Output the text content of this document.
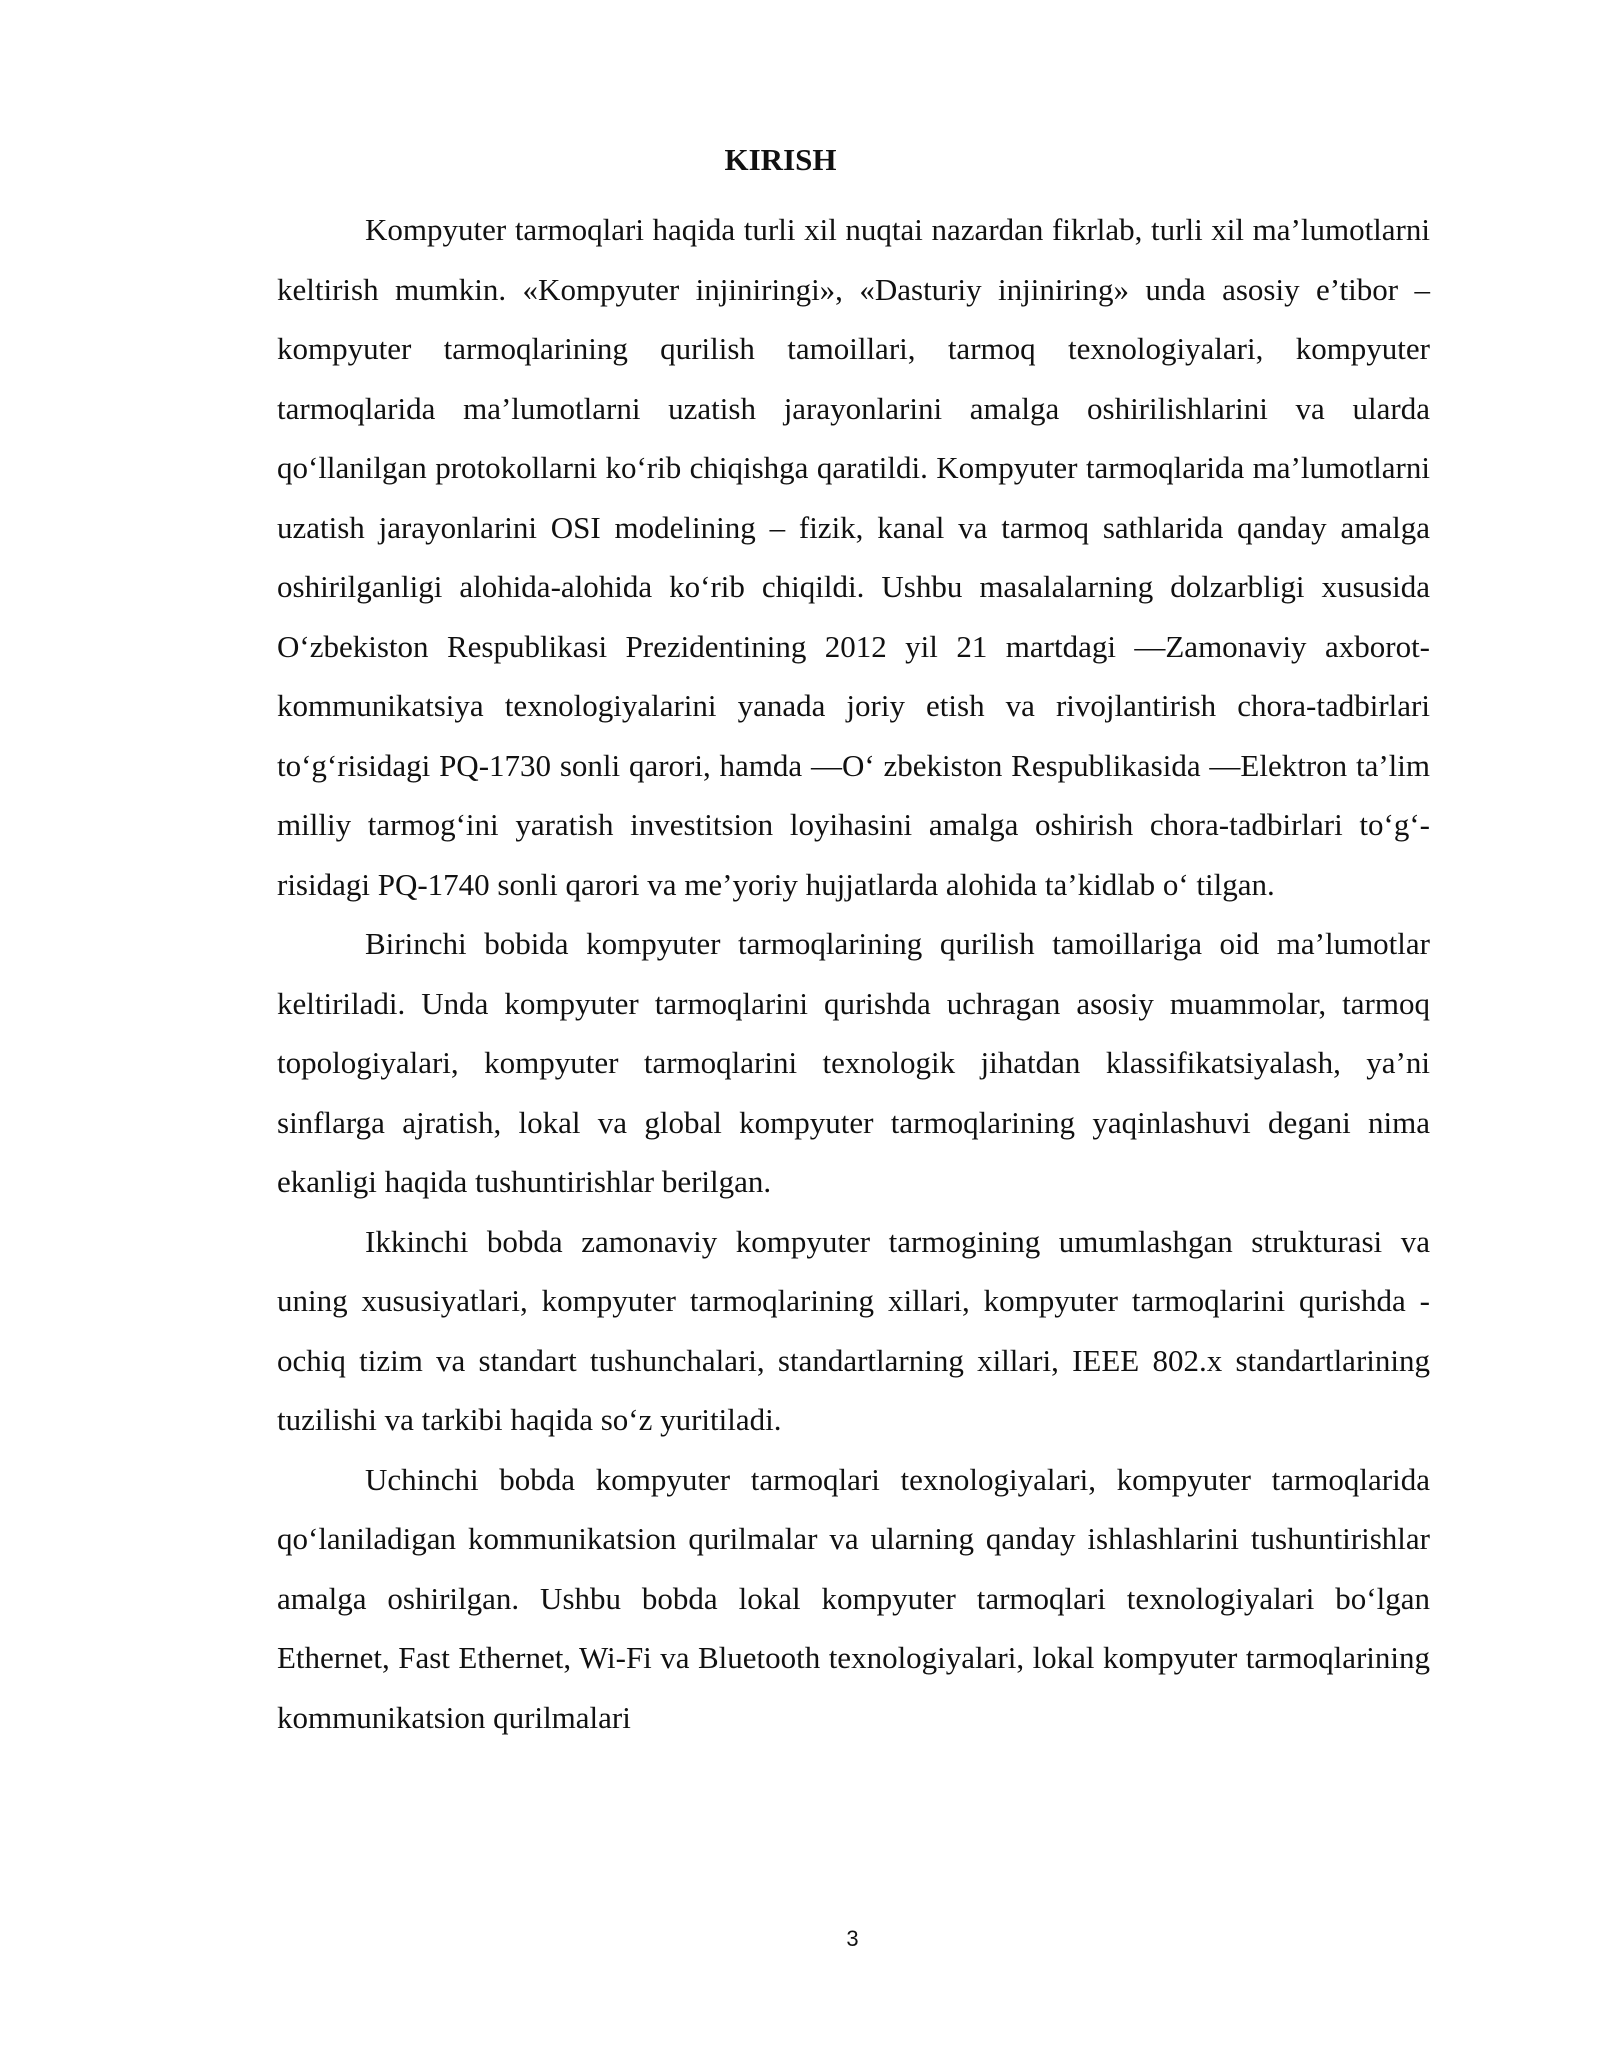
KIRISH

Kompyuter tarmoqlari haqida turli xil nuqtai nazardan fikrlab, turli xil ma’lumotlarni keltirish mumkin. «Kompyuter injiniringi», «Dasturiy injiniring» unda asosiy e’tibor – kompyuter tarmoqlarining qurilish tamoillari, tarmoq texnologiyalari, kompyuter tarmoqlarida ma’lumotlarni uzatish jarayonlarini amalga oshirilishlarini va ularda qo‘llanilgan protokollarni ko‘rib chiqishga qaratildi. Kompyuter tarmoqlarida ma’lumotlarni uzatish jarayonlarini OSI modelining – fizik, kanal va tarmoq sathlarida qanday amalga oshirilganligi alohida-alohida ko‘rib chiqildi. Ushbu masalalarning dolzarbligi xususida O‘zbekiston Respublikasi Prezidentining 2012 yil 21 martdagi ―Zamonaviy axborot-kommunikatsiya texnologiyalarini yanada joriy etish va rivojlantirish chora-tadbirlari to‘g‘risidagi PQ-1730 sonli qarori, hamda ―O‘ zbekiston Respublikasida ―Elektron ta’lim milliy tarmog‘ini yaratish investitsion loyihasini amalga oshirish chora-tadbirlari to‘g‘- risidagi PQ-1740 sonli qarori va me’yoriy hujjatlarda alohida ta’kidlab o‘ tilgan.

Birinchi bobida kompyuter tarmoqlarining qurilish tamoillariga oid ma’lumotlar keltiriladi. Unda kompyuter tarmoqlarini qurishda uchragan asosiy muammolar, tarmoq topologiyalari, kompyuter tarmoqlarini texnologik jihatdan klassifikatsiyalash, ya’ni sinflarga ajratish, lokal va global kompyuter tarmoqlarining yaqinlashuvi degani nima ekanligi haqida tushuntirishlar berilgan.

Ikkinchi bobda zamonaviy kompyuter tarmogining umumlashgan strukturasi va uning xususiyatlari, kompyuter tarmoqlarining xillari, kompyuter tarmoqlarini qurishda - ochiq tizim va standart tushunchalari, standartlarning xillari, IEEE 802.x standartlarining tuzilishi va tarkibi haqida so‘z yuritiladi.

Uchinchi bobda kompyuter tarmoqlari texnologiyalari, kompyuter tarmoqlarida qo‘laniladigan kommunikatsion qurilmalar va ularning qanday ishlashlarini tushuntirishlar amalga oshirilgan. Ushbu bobda lokal kompyuter tarmoqlari texnologiyalari bo‘lgan Ethernet, Fast Ethernet, Wi-Fi va Bluetooth texnologiyalari, lokal kompyuter tarmoqlarining kommunikatsion qurilmalari

3
